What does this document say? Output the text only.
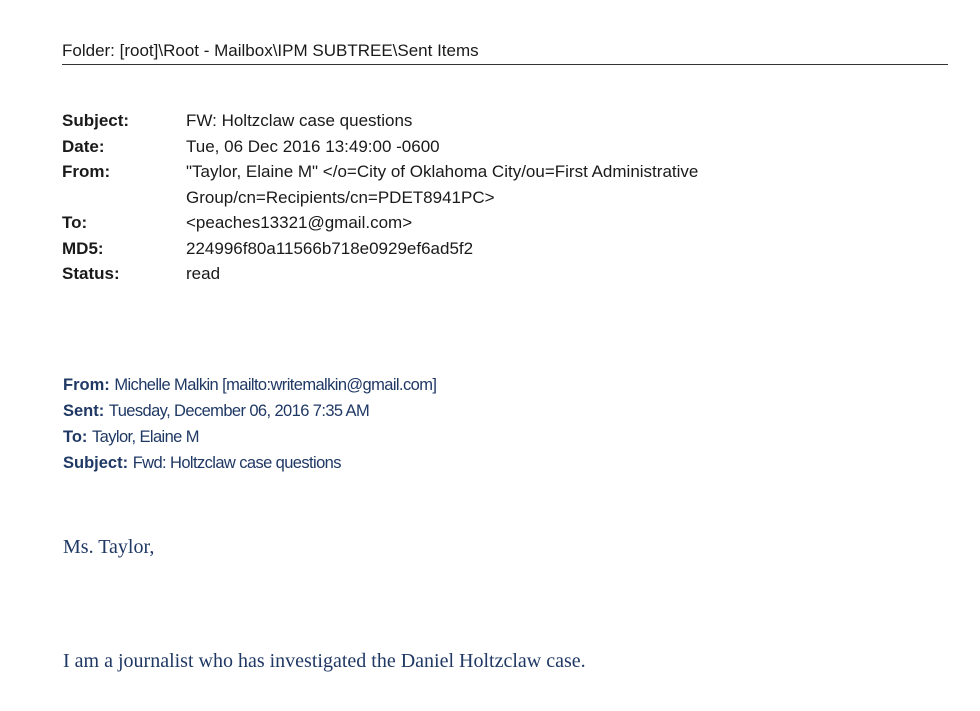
Folder: [root]\Root - Mailbox\IPM SUBTREE\Sent Items
Subject:	FW: Holtzclaw case questions
Date:	Tue, 06 Dec 2016 13:49:00 -0600
From:	"Taylor, Elaine M" </o=City of Oklahoma City/ou=First Administrative
Group/cn=Recipients/cn=PDET8941PC>
To:	<peaches13321@gmail.com>
MD5:	224996f80a11566b718e0929ef6ad5f2
Status:	read
From: Michelle Malkin [mailto:writemalkin@gmail.com]
Sent: Tuesday, December 06, 2016 7:35 AM
To: Taylor, Elaine M
Subject: Fwd: Holtzclaw case questions
Ms. Taylor,
I am a journalist who has investigated the Daniel Holtzclaw case.
